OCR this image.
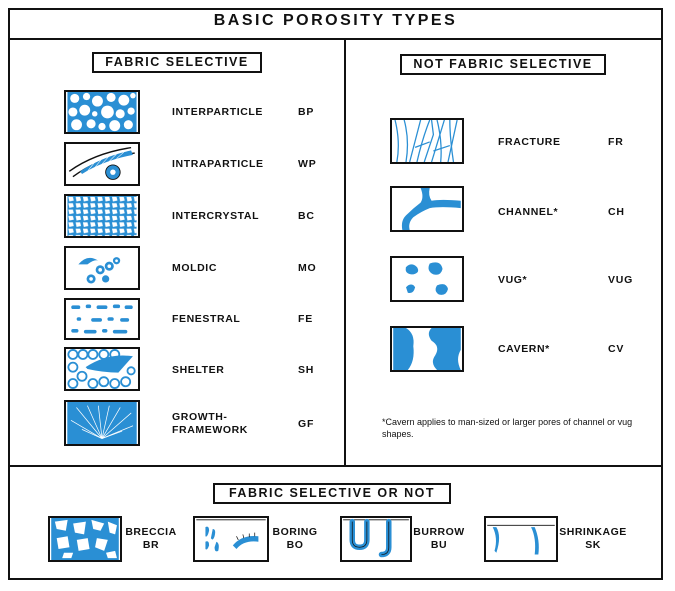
BASIC POROSITY TYPES
FABRIC SELECTIVE	NOT FABRIC SELECTIVE
FABRIC SELECTIVE OR NOT
INTERPARTICLE	BP
INTRAPARTICLE	WP
INTERCRYSTAL	BC
MOLDIC	MO
FENESTRAL	FE
SHELTER	SH
GROWTH-
FRAMEWORK	GF
FRACTURE	FR
CHANNEL*	CH
VUG*	VUG
CAVERN*	CV
*Cavern applies to man-sized or larger pores of channel or vug shapes.
BRECCIA
BR
BORING
BO
BURROW
BU
SHRINKAGE
SK
